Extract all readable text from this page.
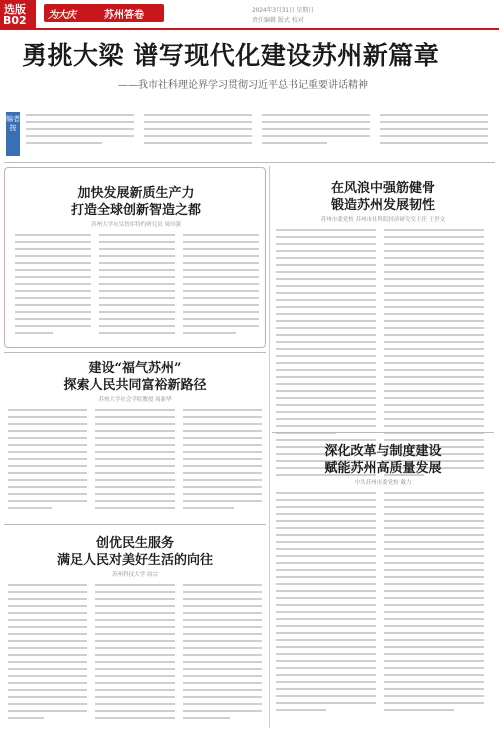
选版
B02 为大庆	苏州答卷	2024年3月31日 星期日
责任编辑 版式 校对
勇挑大梁 谱写现代化建设苏州新篇章
——我市社科理论界学习贯彻习近平总书记重要讲话精神
编者按
加快发展新质生产力
打造全球创新智造之都
苏州大学东吴智库特约研究员 周玲强
在风浪中强筋健骨
锻造苏州发展韧性
苏州市委党校 苏州市社科院经济研究室主任 王世文
建设“福气苏州”
探索人民共同富裕新路径
苏州大学社会学院教授 周新华
深化改革与制度建设
赋能苏州高质量发展
中共苏州市委党校 戴力
创优民生服务
满足人民对美好生活的向往
苏州科技大学 周宗
